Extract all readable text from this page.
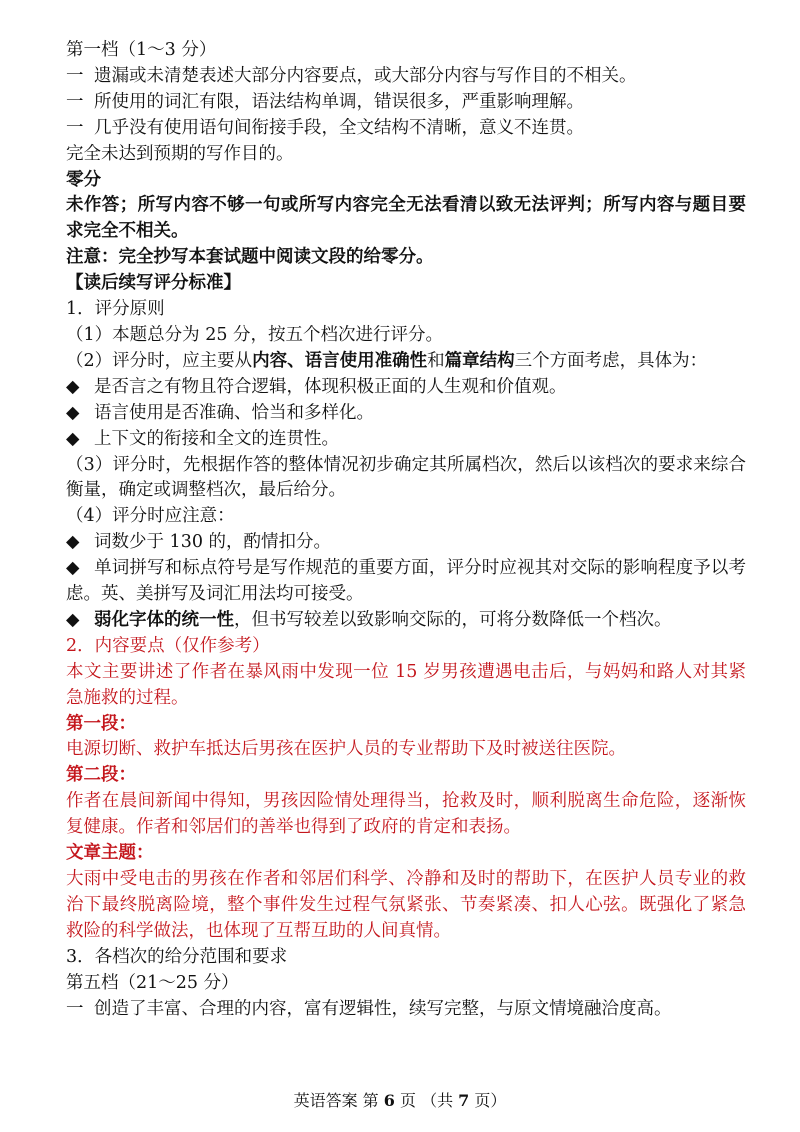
第一档（1～3 分）
一 遗漏或未清楚表述大部分内容要点，或大部分内容与写作目的不相关。
一 所使用的词汇有限，语法结构单调，错误很多，严重影响理解。
一 几乎没有使用语句间衔接手段，全文结构不清晰，意义不连贯。
完全未达到预期的写作目的。
零分
未作答；所写内容不够一句或所写内容完全无法看清以致无法评判；所写内容与题目要求完全不相关。
注意：完全抄写本套试题中阅读文段的给零分。
【读后续写评分标准】
1．评分原则
（1）本题总分为 25 分，按五个档次进行评分。
（2）评分时，应主要从内容、语言使用准确性和篇章结构三个方面考虑，具体为：
◆ 是否言之有物且符合逻辑，体现积极正面的人生观和价值观。
◆ 语言使用是否准确、恰当和多样化。
◆ 上下文的衔接和全文的连贯性。
（3）评分时，先根据作答的整体情况初步确定其所属档次，然后以该档次的要求来综合衡量，确定或调整档次，最后给分。
（4）评分时应注意：
◆ 词数少于 130 的，酌情扣分。
◆ 单词拼写和标点符号是写作规范的重要方面，评分时应视其对交际的影响程度予以考虑。英、美拼写及词汇用法均可接受。
◆ 弱化字体的统一性，但书写较差以致影响交际的，可将分数降低一个档次。
2．内容要点（仅作参考）
本文主要讲述了作者在暴风雨中发现一位 15 岁男孩遭遇电击后，与妈妈和路人对其紧急施救的过程。
第一段：
电源切断、救护车抵达后男孩在医护人员的专业帮助下及时被送往医院。
第二段：
作者在晨间新闻中得知，男孩因险情处理得当，抢救及时，顺利脱离生命危险，逐渐恢复健康。作者和邻居们的善举也得到了政府的肯定和表扬。
文章主题：
大雨中受电击的男孩在作者和邻居们科学、冷静和及时的帮助下，在医护人员专业的救治下最终脱离险境，整个事件发生过程气氛紧张、节奏紧凑、扣人心弦。既强化了紧急救险的科学做法，也体现了互帮互助的人间真情。
3．各档次的给分范围和要求
第五档（21～25 分）
一 创造了丰富、合理的内容，富有逻辑性，续写完整，与原文情境融洽度高。
英语答案 第 6 页 （共 7 页）
